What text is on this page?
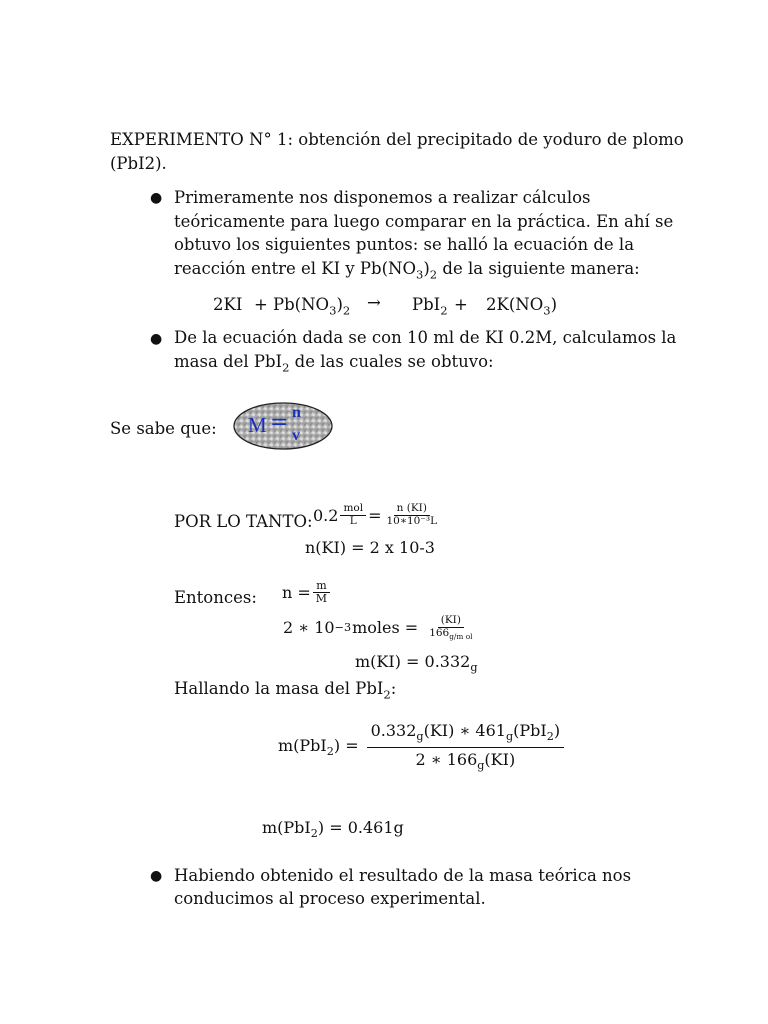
EXPERIMENTO N° 1: obtención del precipitado de yoduro de plomo
(PbI2).
● Primeramente nos disponemos a realizar cálculos
teóricamente para luego comparar en la práctica. En ahí se
obtuvo los siguientes puntos: se halló la ecuación de la
reacción entre el KI y $Pb(NO_3)_2$ de la siguiente manera:
$2KI + Pb(NO_3)_2 \to PbI_2 + 2K(NO_3)$
● De la ecuación dada se con 10 ml de KI 0.2M, calculamos la
masa del PbI$_2$ de las cuales se obtuvo:
Se sabe que: M = n
v
POR LO TANTO: $0.2 \frac{\text{mol}}{L} = \frac{n (KI)}{\text{10∗10⁻³L}}$
n(KI) = 2 x 10-3
Entonces: $n = \frac{m}{M}$
2 ∗ 10 −3 moles = $\frac{(KI)}{166_{g/m ol}}$
$m(KI) = 0.332_g$
Hallando la masa del PbI$_2$:
$m(PbI_2) = \frac{0.332_g(KI) ∗ 461_g(PbI_2)}{2 ∗ 166_g(KI)}$
m(PbI$_2$) = 0.461g
● Habiendo obtenido el resultado de la masa teórica nos
conducimos al proceso experimental.
